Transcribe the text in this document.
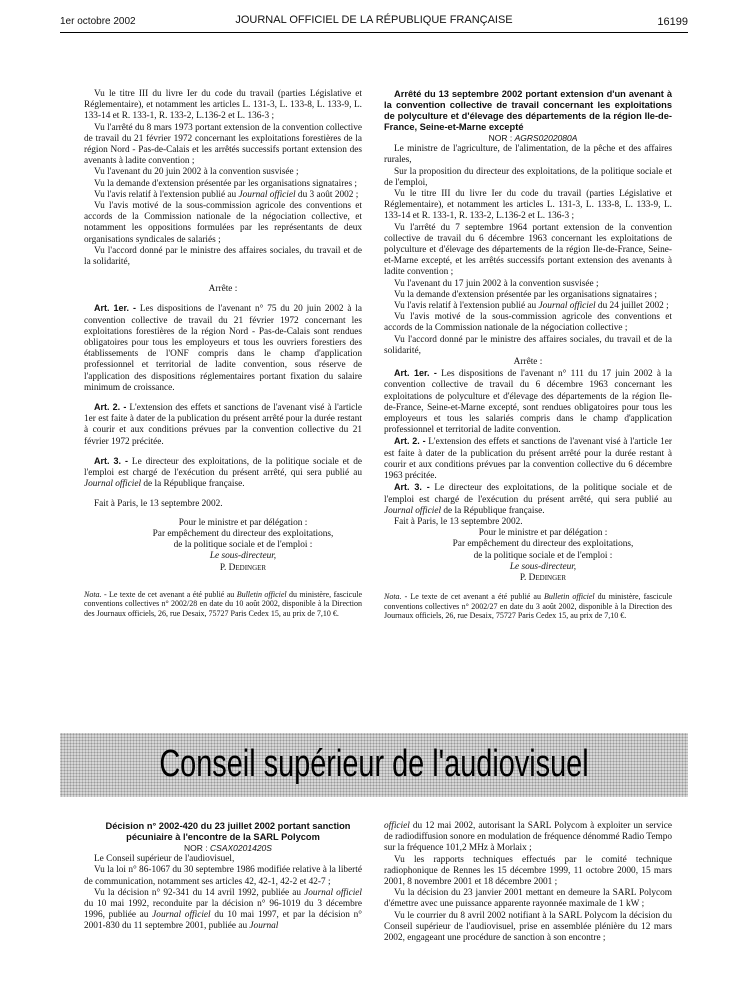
1er octobre 2002	JOURNAL OFFICIEL DE LA RÉPUBLIQUE FRANÇAISE	16199

Vu le titre III du livre Ier du code du travail (parties Législative et Réglementaire), et notamment les articles L. 131-3, L. 133-8, L. 133-9, L. 133-14 et R. 133-1, R. 133-2, L.136-2 et L. 136-3 ;

Vu l'arrêté du 8 mars 1973 portant extension de la convention collective de travail du 21 février 1972 concernant les exploitations forestières de la région Nord - Pas-de-Calais et les arrêtés successifs portant extension des avenants à ladite convention ;

Vu l'avenant du 20 juin 2002 à la convention susvisée ;

Vu la demande d'extension présentée par les organisations signataires ;

Vu l'avis relatif à l'extension publié au Journal officiel du 3 août 2002 ;

Vu l'avis motivé de la sous-commission agricole des conventions et accords de la Commission nationale de la négociation collective, et notamment les oppositions formulées par les représentants de deux organisations syndicales de salariés ;

Vu l'accord donné par le ministre des affaires sociales, du travail et de la solidarité,

Arrête :

Art. 1er. - Les dispositions de l'avenant n° 75 du 20 juin 2002 à la convention collective de travail du 21 février 1972 concernant les exploitations forestières de la région Nord - Pas-de-Calais sont rendues obligatoires pour tous les employeurs et tous les ouvriers forestiers des établissements de l'ONF compris dans le champ d'application professionnel et territorial de ladite convention, sous réserve de l'application des dispositions réglementaires portant fixation du salaire minimum de croissance.

Art. 2. - L'extension des effets et sanctions de l'avenant visé à l'article 1er est faite à dater de la publication du présent arrêté pour la durée restant à courir et aux conditions prévues par la convention collective du 21 février 1972 précitée.

Art. 3. - Le directeur des exploitations, de la politique sociale et de l'emploi est chargé de l'exécution du présent arrêté, qui sera publié au Journal officiel de la République française.

Fait à Paris, le 13 septembre 2002.

Pour le ministre et par délégation :

Par empêchement du directeur des exploitations,

de la politique sociale et de l'emploi :

Le sous-directeur,

P. Dedinger

Nota. - Le texte de cet avenant a été publié au Bulletin officiel du ministère, fascicule conventions collectives n° 2002/28 en date du 10 août 2002, disponible à la Direction des Journaux officiels, 26, rue Desaix, 75727 Paris Cedex 15, au prix de 7,10 €.

Arrêté du 13 septembre 2002 portant extension d'un avenant à la convention collective de travail concernant les exploitations de polyculture et d'élevage des départements de la région Ile-de-France, Seine-et-Marne excepté

NOR : AGRS0202080A

Le ministre de l'agriculture, de l'alimentation, de la pêche et des affaires rurales,

Sur la proposition du directeur des exploitations, de la politique sociale et de l'emploi,

Vu le titre III du livre Ier du code du travail (parties Législative et Réglementaire), et notamment les articles L. 131-3, L. 133-8, L. 133-9, L. 133-14 et R. 133-1, R. 133-2, L.136-2 et L. 136-3 ;

Vu l'arrêté du 7 septembre 1964 portant extension de la convention collective de travail du 6 décembre 1963 concernant les exploitations de polyculture et d'élevage des départements de la région Ile-de-France, Seine-et-Marne excepté, et les arrêtés successifs portant extension des avenants à ladite convention ;

Vu l'avenant du 17 juin 2002 à la convention susvisée ;

Vu la demande d'extension présentée par les organisations signataires ;

Vu l'avis relatif à l'extension publié au Journal officiel du 24 juillet 2002 ;

Vu l'avis motivé de la sous-commission agricole des conventions et accords de la Commission nationale de la négociation collective ;

Vu l'accord donné par le ministre des affaires sociales, du travail et de la solidarité,

Arrête :

Art. 1er. - Les dispositions de l'avenant n° 111 du 17 juin 2002 à la convention collective de travail du 6 décembre 1963 concernant les exploitations de polyculture et d'élevage des départements de la région Ile-de-France, Seine-et-Marne excepté, sont rendues obligatoires pour tous les employeurs et tous les salariés compris dans le champ d'application professionnel et territorial de ladite convention.

Art. 2. - L'extension des effets et sanctions de l'avenant visé à l'article 1er est faite à dater de la publication du présent arrêté pour la durée restant à courir et aux conditions prévues par la convention collective du 6 décembre 1963 précitée.

Art. 3. - Le directeur des exploitations, de la politique sociale et de l'emploi est chargé de l'exécution du présent arrêté, qui sera publié au Journal officiel de la République française.

Fait à Paris, le 13 septembre 2002.

Pour le ministre et par délégation :

Par empêchement du directeur des exploitations,

de la politique sociale et de l'emploi :

Le sous-directeur,

P. Dedinger

Nota. - Le texte de cet avenant a été publié au Bulletin officiel du ministère, fascicule conventions collectives n° 2002/27 en date du 3 août 2002, disponible à la Direction des Journaux officiels, 26, rue Desaix, 75727 Paris Cedex 15, au prix de 7,10 €.

Conseil supérieur de l'audiovisuel

Décision n° 2002-420 du 23 juillet 2002 portant sanction pécuniaire à l'encontre de la SARL Polycom

NOR : CSAX0201420S

Le Conseil supérieur de l'audiovisuel,

Vu la loi n° 86-1067 du 30 septembre 1986 modifiée relative à la liberté de communication, notamment ses articles 42, 42-1, 42-2 et 42-7 ;

Vu la décision n° 92-341 du 14 avril 1992, publiée au Journal officiel du 10 mai 1992, reconduite par la décision n° 96-1019 du 3 décembre 1996, publiée au Journal officiel du 10 mai 1997, et par la décision n° 2001-830 du 11 septembre 2001, publiée au Journal

officiel du 12 mai 2002, autorisant la SARL Polycom à exploiter un service de radiodiffusion sonore en modulation de fréquence dénommé Radio Tempo sur la fréquence 101,2 MHz à Morlaix ;

Vu les rapports techniques effectués par le comité technique radiophonique de Rennes les 15 décembre 1999, 11 octobre 2000, 15 mars 2001, 8 novembre 2001 et 18 décembre 2001 ;

Vu la décision du 23 janvier 2001 mettant en demeure la SARL Polycom d'émettre avec une puissance apparente rayonnée maximale de 1 kW ;

Vu le courrier du 8 avril 2002 notifiant à la SARL Polycom la décision du Conseil supérieur de l'audiovisuel, prise en assemblée plénière du 12 mars 2002, engageant une procédure de sanction à son encontre ;
